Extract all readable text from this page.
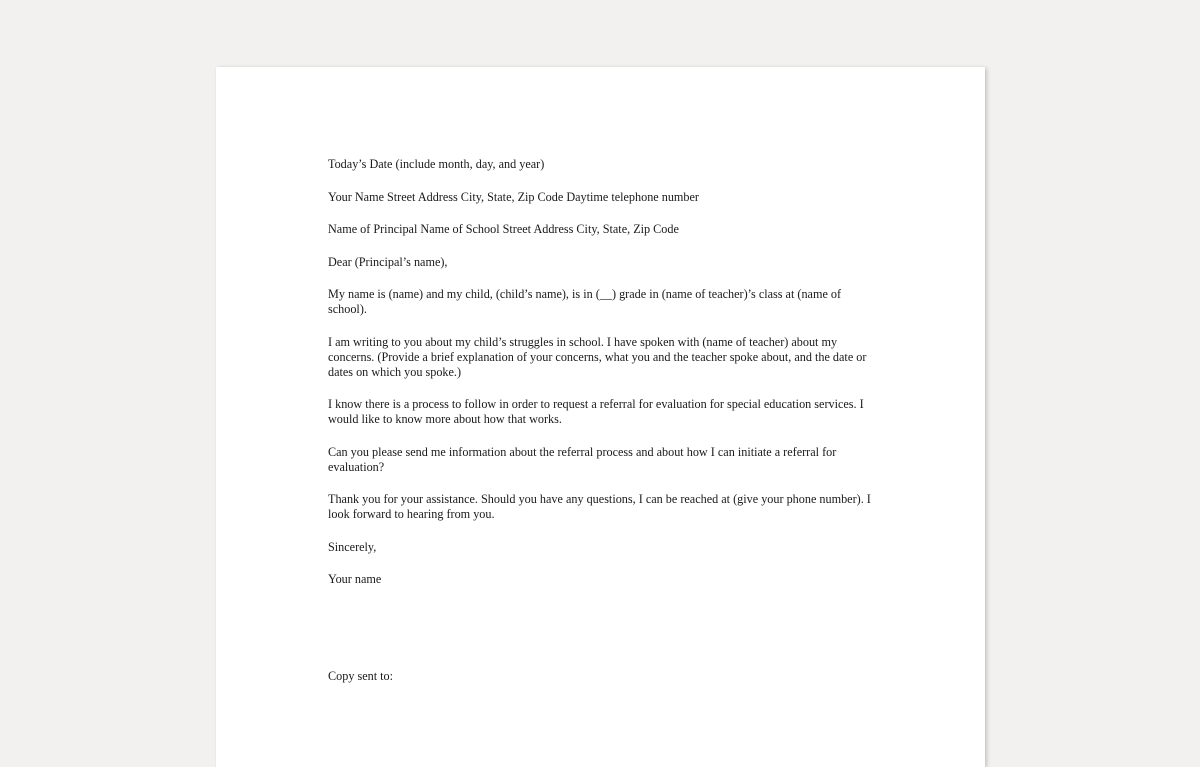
Today’s Date (include month, day, and year)

Your Name Street Address City, State, Zip Code Daytime telephone number

Name of Principal Name of School Street Address City, State, Zip Code

Dear (Principal’s name),

My name is (name) and my child, (child’s name), is in (__) grade in (name of teacher)’s class at (name of school).

I am writing to you about my child’s struggles in school. I have spoken with (name of teacher) about my concerns. (Provide a brief explanation of your concerns, what you and the teacher spoke about, and the date or dates on which you spoke.)

I know there is a process to follow in order to request a referral for evaluation for special education services. I would like to know more about how that works.

Can you please send me information about the referral process and about how I can initiate a referral for evaluation?

Thank you for your assistance. Should you have any questions, I can be reached at (give your phone number). I look forward to hearing from you.

Sincerely,

Your name

Copy sent to:
